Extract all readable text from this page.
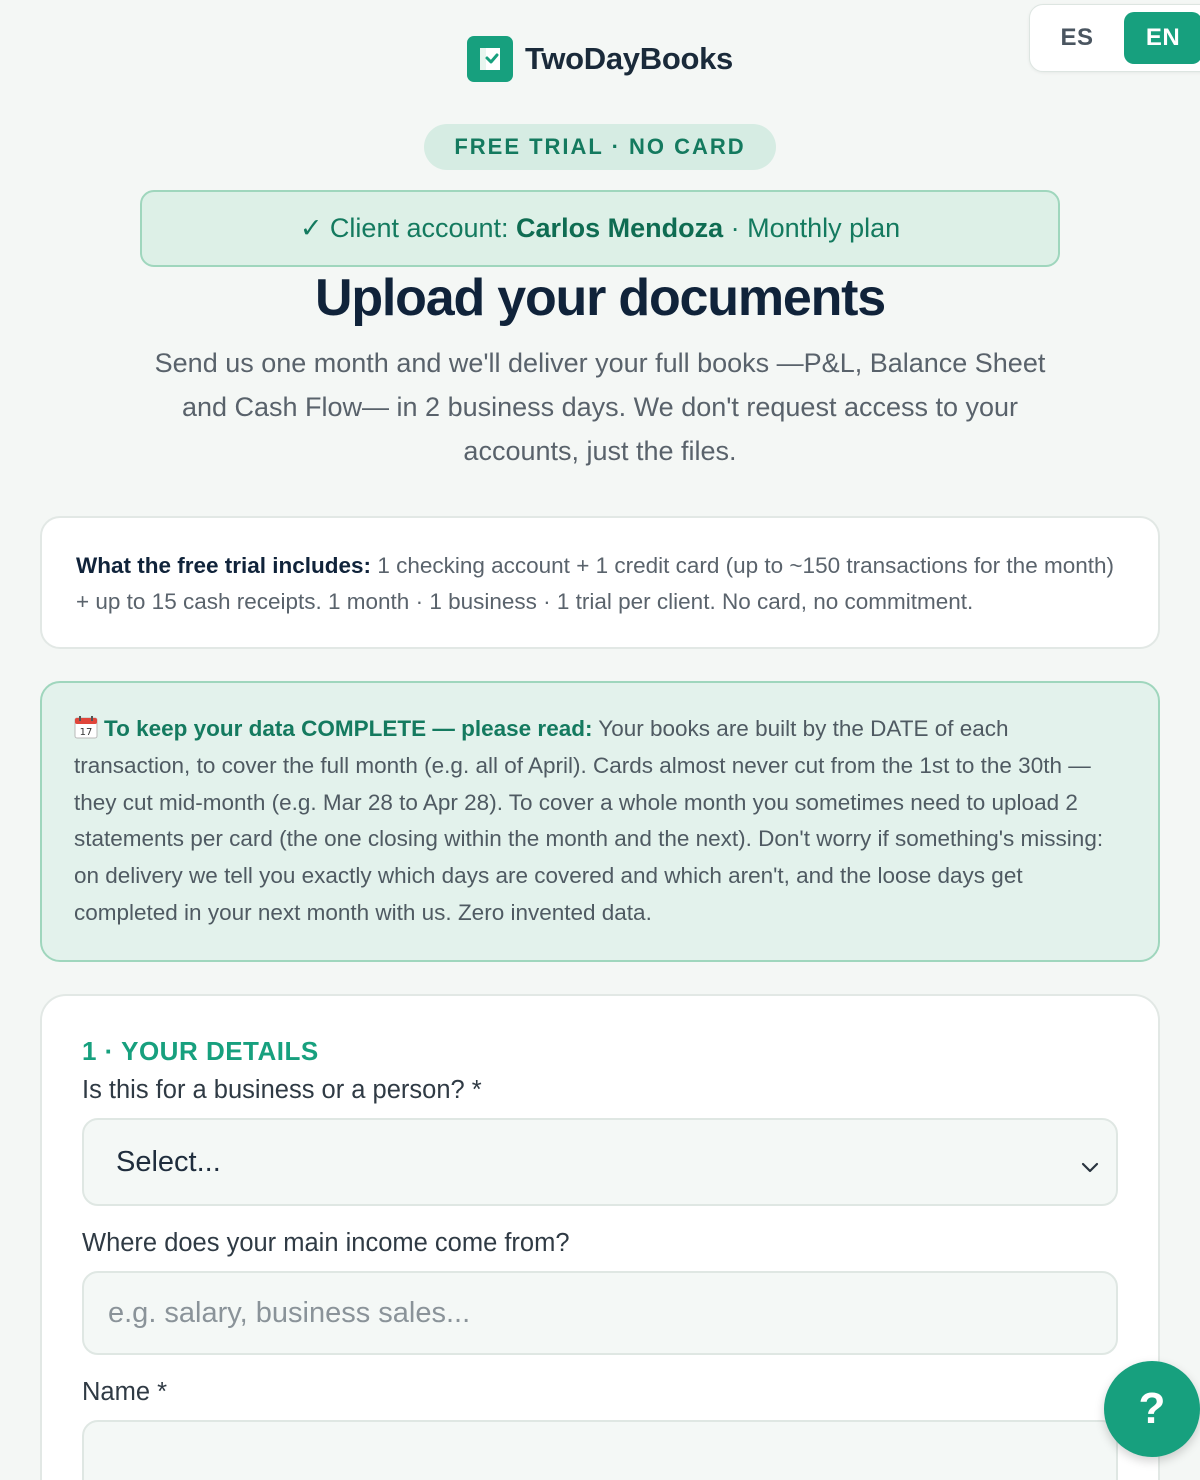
ES	EN
TwoDayBooks
FREE TRIAL · NO CARD
✓ Client account: Carlos Mendoza · Monthly plan
Upload your documents

Send us one month and we'll deliver your full books —P&L, Balance Sheet and Cash Flow— in 2 business days. We don't request access to your accounts, just the files.

What the free trial includes: 1 checking account + 1 credit card (up to ~150 transactions for the month) + up to 15 cash receipts. 1 month · 1 business · 1 trial per client. No card, no commitment.
17 To keep your data COMPLETE — please read: Your books are built by the DATE of each transaction, to cover the full month (e.g. all of April). Cards almost never cut from the 1st to the 30th — they cut mid-month (e.g. Mar 28 to Apr 28). To cover a whole month you sometimes need to upload 2 statements per card (the one closing within the month and the next). Don't worry if something's missing: on delivery we tell you exactly which days are covered and which aren't, and the loose days get completed in your next month with us. Zero invented data.
1 · YOUR DETAILS
Is this for a business or a person? *
Select...
Where does your main income come from?
e.g. salary, business sales...
Name *	?
